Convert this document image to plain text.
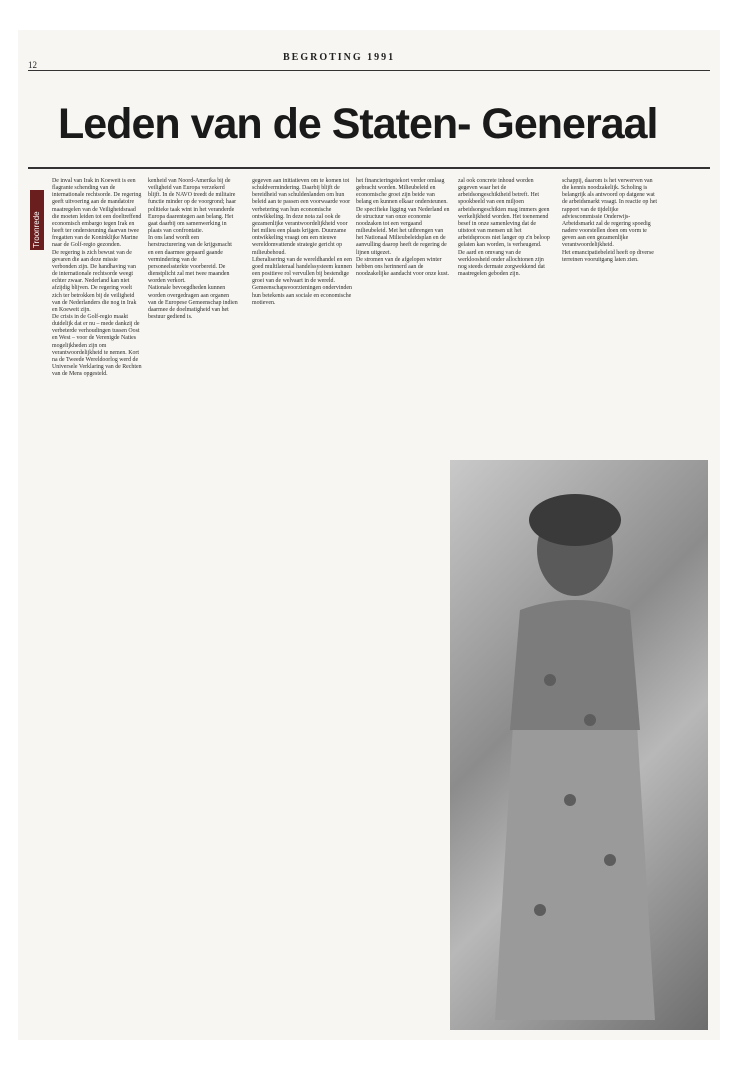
12
BEGROTING 1991
Leden van de Staten- Generaal
Troonrede
De inval van Irak in Koeweit is een flagrante schending van de internationale rechtsorde. De regering geeft uitvoering aan de mandatoire maatregelen van de Veiligheidsraad die moeten leiden tot een doeltreffend economisch embargo tegen Irak en heeft ter ondersteuning daarvan twee fregatten van de Koninklijke Marine naar de Golf-regio gezonden.
De regering is zich bewust van de gevaren die aan deze missie verbonden zijn. De handhaving van de internationale rechtsorde weegt echter zwaar. Nederland kan niet afzijdig blijven. De regering voelt zich ter betrokken bij de veiligheid van de Nederlanders die nog in Irak en Koeweit zijn.
De crisis in de Golf-regio maakt duidelijk dat er nu – mede dankzij de verbeterde verhoudingen tussen Oost en West – voor de Verenigde Naties mogelijkheden zijn om verantwoordelijkheid te nemen. Kort na de Tweede Wereldoorlog werd de Universele Verklaring van de Rechten van de Mens opgesteld.
kenheid van Noord-Amerika bij de veiligheid van Europa verzekerd blijft. In de NAVO treedt de militaire functie minder op de voorgrond; haar politieke taak wint in het veranderde Europa daarentegen aan belang. Het gaat daarbij om samenwerking in plaats van confrontatie.
In ons land wordt een herstructurering van de krijgsmacht en een daarmee gepaard gaande vermindering van de personeelssterkte voorbereid. De dienstplicht zal met twee maanden worden verkort.
Nationale bevoegdheden kunnen worden overgedragen aan organen van de Europese Gemeenschap indien daarmee de doelmatigheid van het bestuur gediend is.
gegeven aan initiatieven om te komen tot schuldvermindering. Daarbij blijft de bereidheid van schuldenlanden om hun beleid aan te passen een voorwaarde voor verbetering van hun economische ontwikkeling. In deze nota zal ook de gezamenlijke verantwoordelijkheid voor het milieu een plaats krijgen. Duurzame ontwikkeling vraagt om een nieuwe wereldomvattende strategie gericht op milieubehoud.
Liberalisering van de wereldhandel en een goed multilateraal handelssysteem kunnen een positieve rol vervullen bij bestendige groei van de welvaart in de wereld.
Gemeenschapsvoorzieningen ondervinden hun betekenis aan sociale en economische motieven.
het financieringstekort verder omlaag gebracht worden. Milieubeleid en economische groei zijn beide van belang en kunnen elkaar ondersteunen. De specifieke ligging van Nederland en de structuur van onze economie noodzaken tot een vergaand milieubeleid. Met het uitbrengen van het Nationaal Milieubeleidsplan en de aanvulling daarop heeft de regering de lijnen uitgezet.
De stromen van de afgelopen winter hebben ons herinnerd aan de noodzakelijke aandacht voor onze kust.
zal ook concrete inhoud worden gegeven waar het de arbeidsongeschiktheid betreft. Het spookbeeld van een miljoen arbeidsongeschikten mag immers geen werkelijkheid worden. Het toenemend besef in onze samenleving dat de uitstoot van mensen uit het arbeidsproces niet langer op z'n beloop gelaten kan worden, is verheugend.
De aard en omvang van de werkloosheid onder allochtonen zijn nog steeds dermate zorgwekkend dat maatregelen geboden zijn.
schappij, daarom is het verwerven van die kennis noodzakelijk. Scholing is belangrijk als antwoord op datgene wat de arbeidsmarkt vraagt. In reactie op het rapport van de tijdelijke adviescommissie Onderwijs-Arbeidsmarkt zal de regering spoedig nadere voorstellen doen om vorm te geven aan een gezamenlijke verantwoordelijkheid.
Het emancipatiebeleid heeft op diverse terreinen vooruitgang laten zien.
